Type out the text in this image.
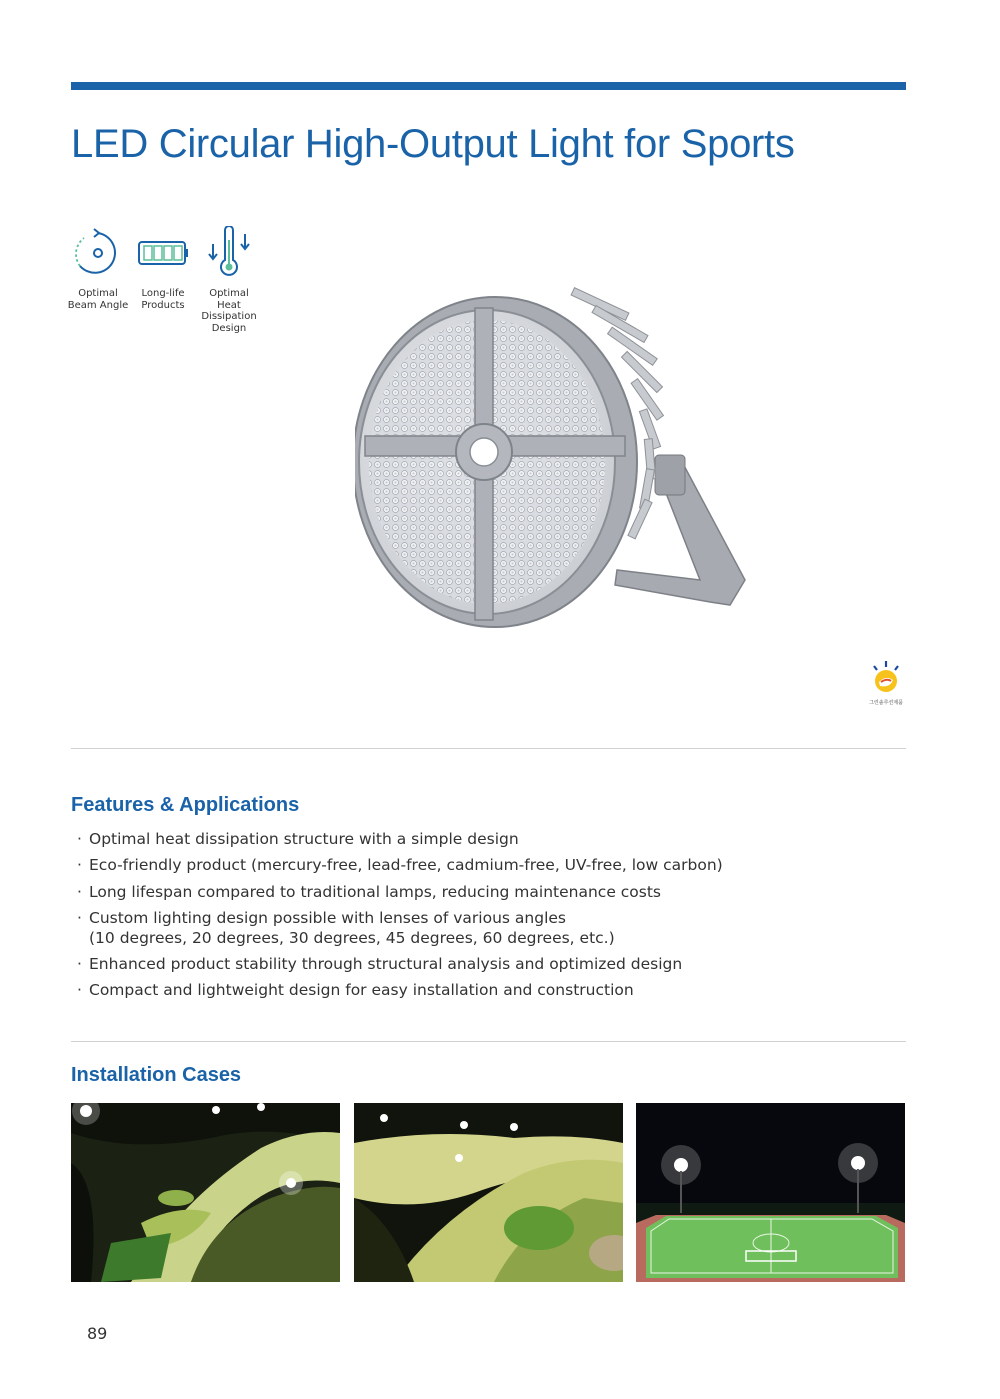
LED Circular High-Output Light for Sports
Optimal
Beam Angle
Long-life
Products
Optimal
Heat
Dissipation
Design
그린솔루션제품
Features & Applications
· Optimal heat dissipation structure with a simple design
· Eco-friendly product (mercury-free, lead-free, cadmium-free, UV-free, low carbon)
· Long lifespan compared to traditional lamps, reducing maintenance costs
· Custom lighting design possible with lenses of various angles
(10 degrees, 20 degrees, 30 degrees, 45 degrees, 60 degrees, etc.)
· Enhanced product stability through structural analysis and optimized design
· Compact and lightweight design for easy installation and construction
Installation Cases
89
